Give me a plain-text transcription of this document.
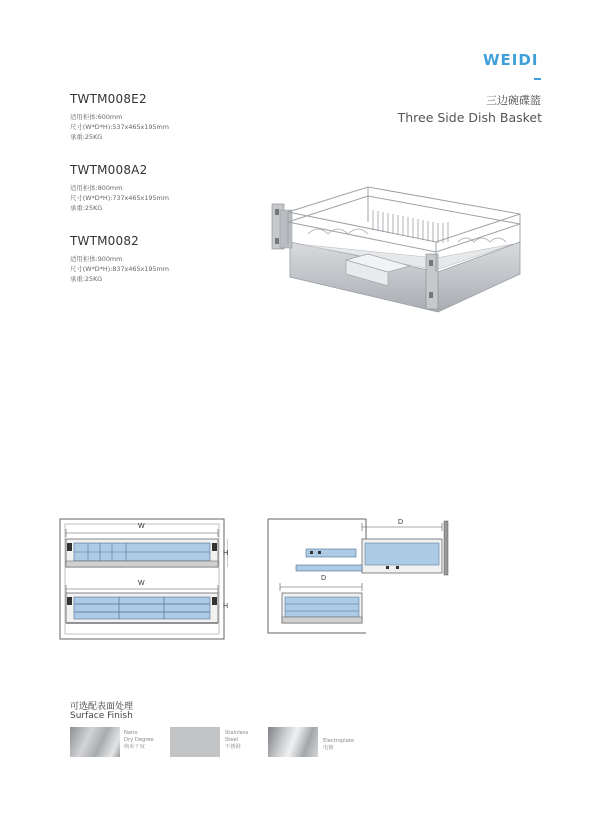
WEIDI
三边碗碟篮
Three Side Dish Basket
TWTM008E2
适用柜体:600mm
尺寸(W*D*H):537x465x195mm
承重:25KG
TWTM008A2
适用柜体:800mm
尺寸(W*D*H):737x465x195mm
承重:25KG
TWTM0082
适用柜体:900mm
尺寸(W*D*H):837x465x195mm
承重:25KG
W
W
H
H
D
D
可选配表面处理
Surface Finish
Nano
Dry Degree
纳米干度
Stainless
Steel
不锈钢
Electroplate
电镀
